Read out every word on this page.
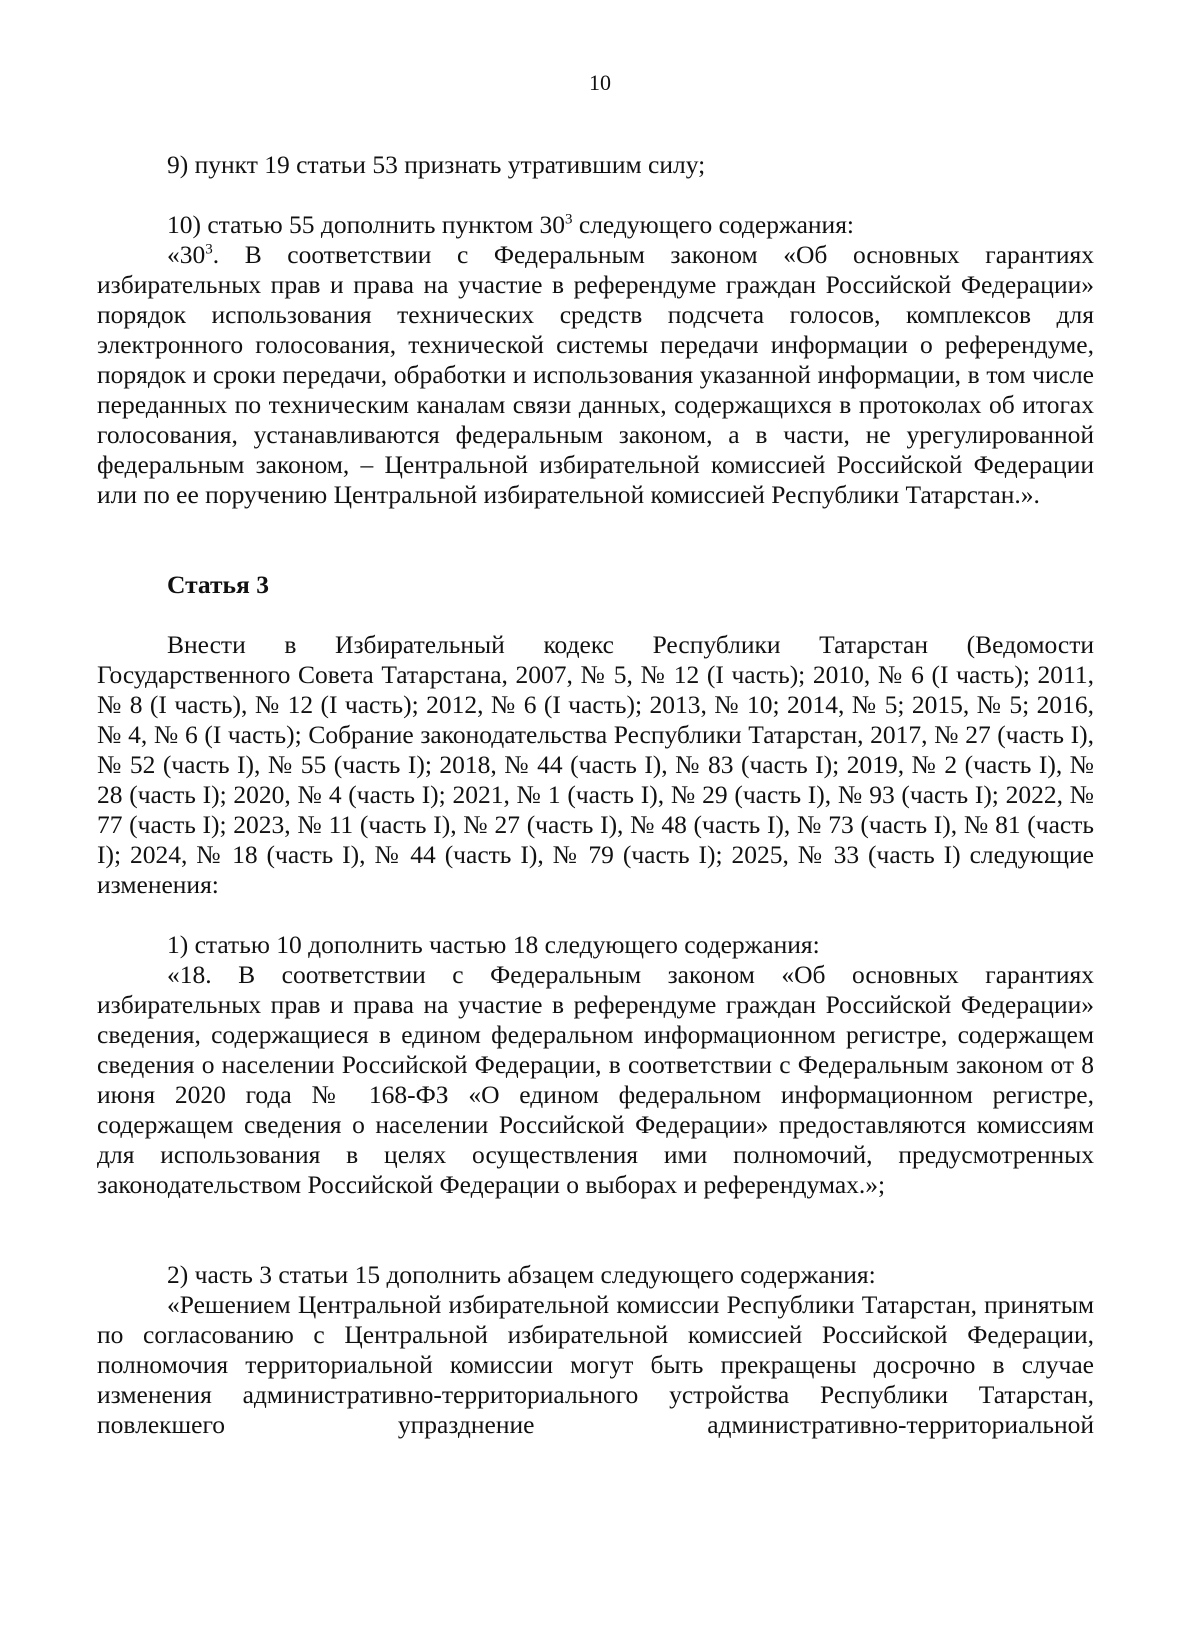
10

9) пункт 19 статьи 53 признать утратившим силу;

10) статью 55 дополнить пунктом $30^3$ следующего содержания:

«$30^3$. В соответствии с Федеральным законом «Об основных гарантиях избирательных прав и права на участие в референдуме граждан Российской Федерации» порядок использования технических средств подсчета голосов, комплексов для электронного голосования, технической системы передачи информации о референдуме, порядок и сроки передачи, обработки и использования указанной информации, в том числе переданных по техническим каналам связи данных, содержащихся в протоколах об итогах голосования, устанавливаются федеральным законом, а в части, не урегулированной федеральным законом, – Центральной избирательной комиссией Российской Федерации или по ее поручению Центральной избирательной комиссией Республики Татарстан.».

Статья 3

Внести в Избирательный кодекс Республики Татарстан (Ведомости Государственного Совета Татарстана, 2007, № 5, № 12 (I часть); 2010, № 6 (I часть); 2011, № 8 (I часть), № 12 (I часть); 2012, № 6 (I часть); 2013, № 10; 2014, № 5; 2015, № 5; 2016, № 4, № 6 (I часть); Собрание законодательства Республики Татарстан, 2017, № 27 (часть I), № 52 (часть I), № 55 (часть I); 2018, № 44 (часть I), № 83 (часть I); 2019, № 2 (часть I), № 28 (часть I); 2020, № 4 (часть I); 2021, № 1 (часть I), № 29 (часть I), № 93 (часть I); 2022, № 77 (часть I); 2023, № 11 (часть I), № 27 (часть I), № 48 (часть I), № 73 (часть I), № 81 (часть I); 2024, № 18 (часть I), № 44 (часть I), № 79 (часть I); 2025, № 33 (часть I) следующие изменения:

1) статью 10 дополнить частью 18 следующего содержания:

«18. В соответствии с Федеральным законом «Об основных гарантиях избирательных прав и права на участие в референдуме граждан Российской Федерации» сведения, содержащиеся в едином федеральном информационном регистре, содержащем сведения о населении Российской Федерации, в соответствии с Федеральным законом от 8 июня 2020 года № 168-ФЗ «О едином федеральном информационном регистре, содержащем сведения о населении Российской Федерации» предоставляются комиссиям для использования в целях осуществления ими полномочий, предусмотренных законодательством Российской Федерации о выборах и референдумах.»;

2) часть 3 статьи 15 дополнить абзацем следующего содержания:

«Решением Центральной избирательной комиссии Республики Татарстан, принятым по согласованию с Центральной избирательной комиссией Российской Федерации, полномочия территориальной комиссии могут быть прекращены досрочно в случае изменения административно-территориального устройства Республики Татарстан, повлекшего упразднение административно-территориальной
